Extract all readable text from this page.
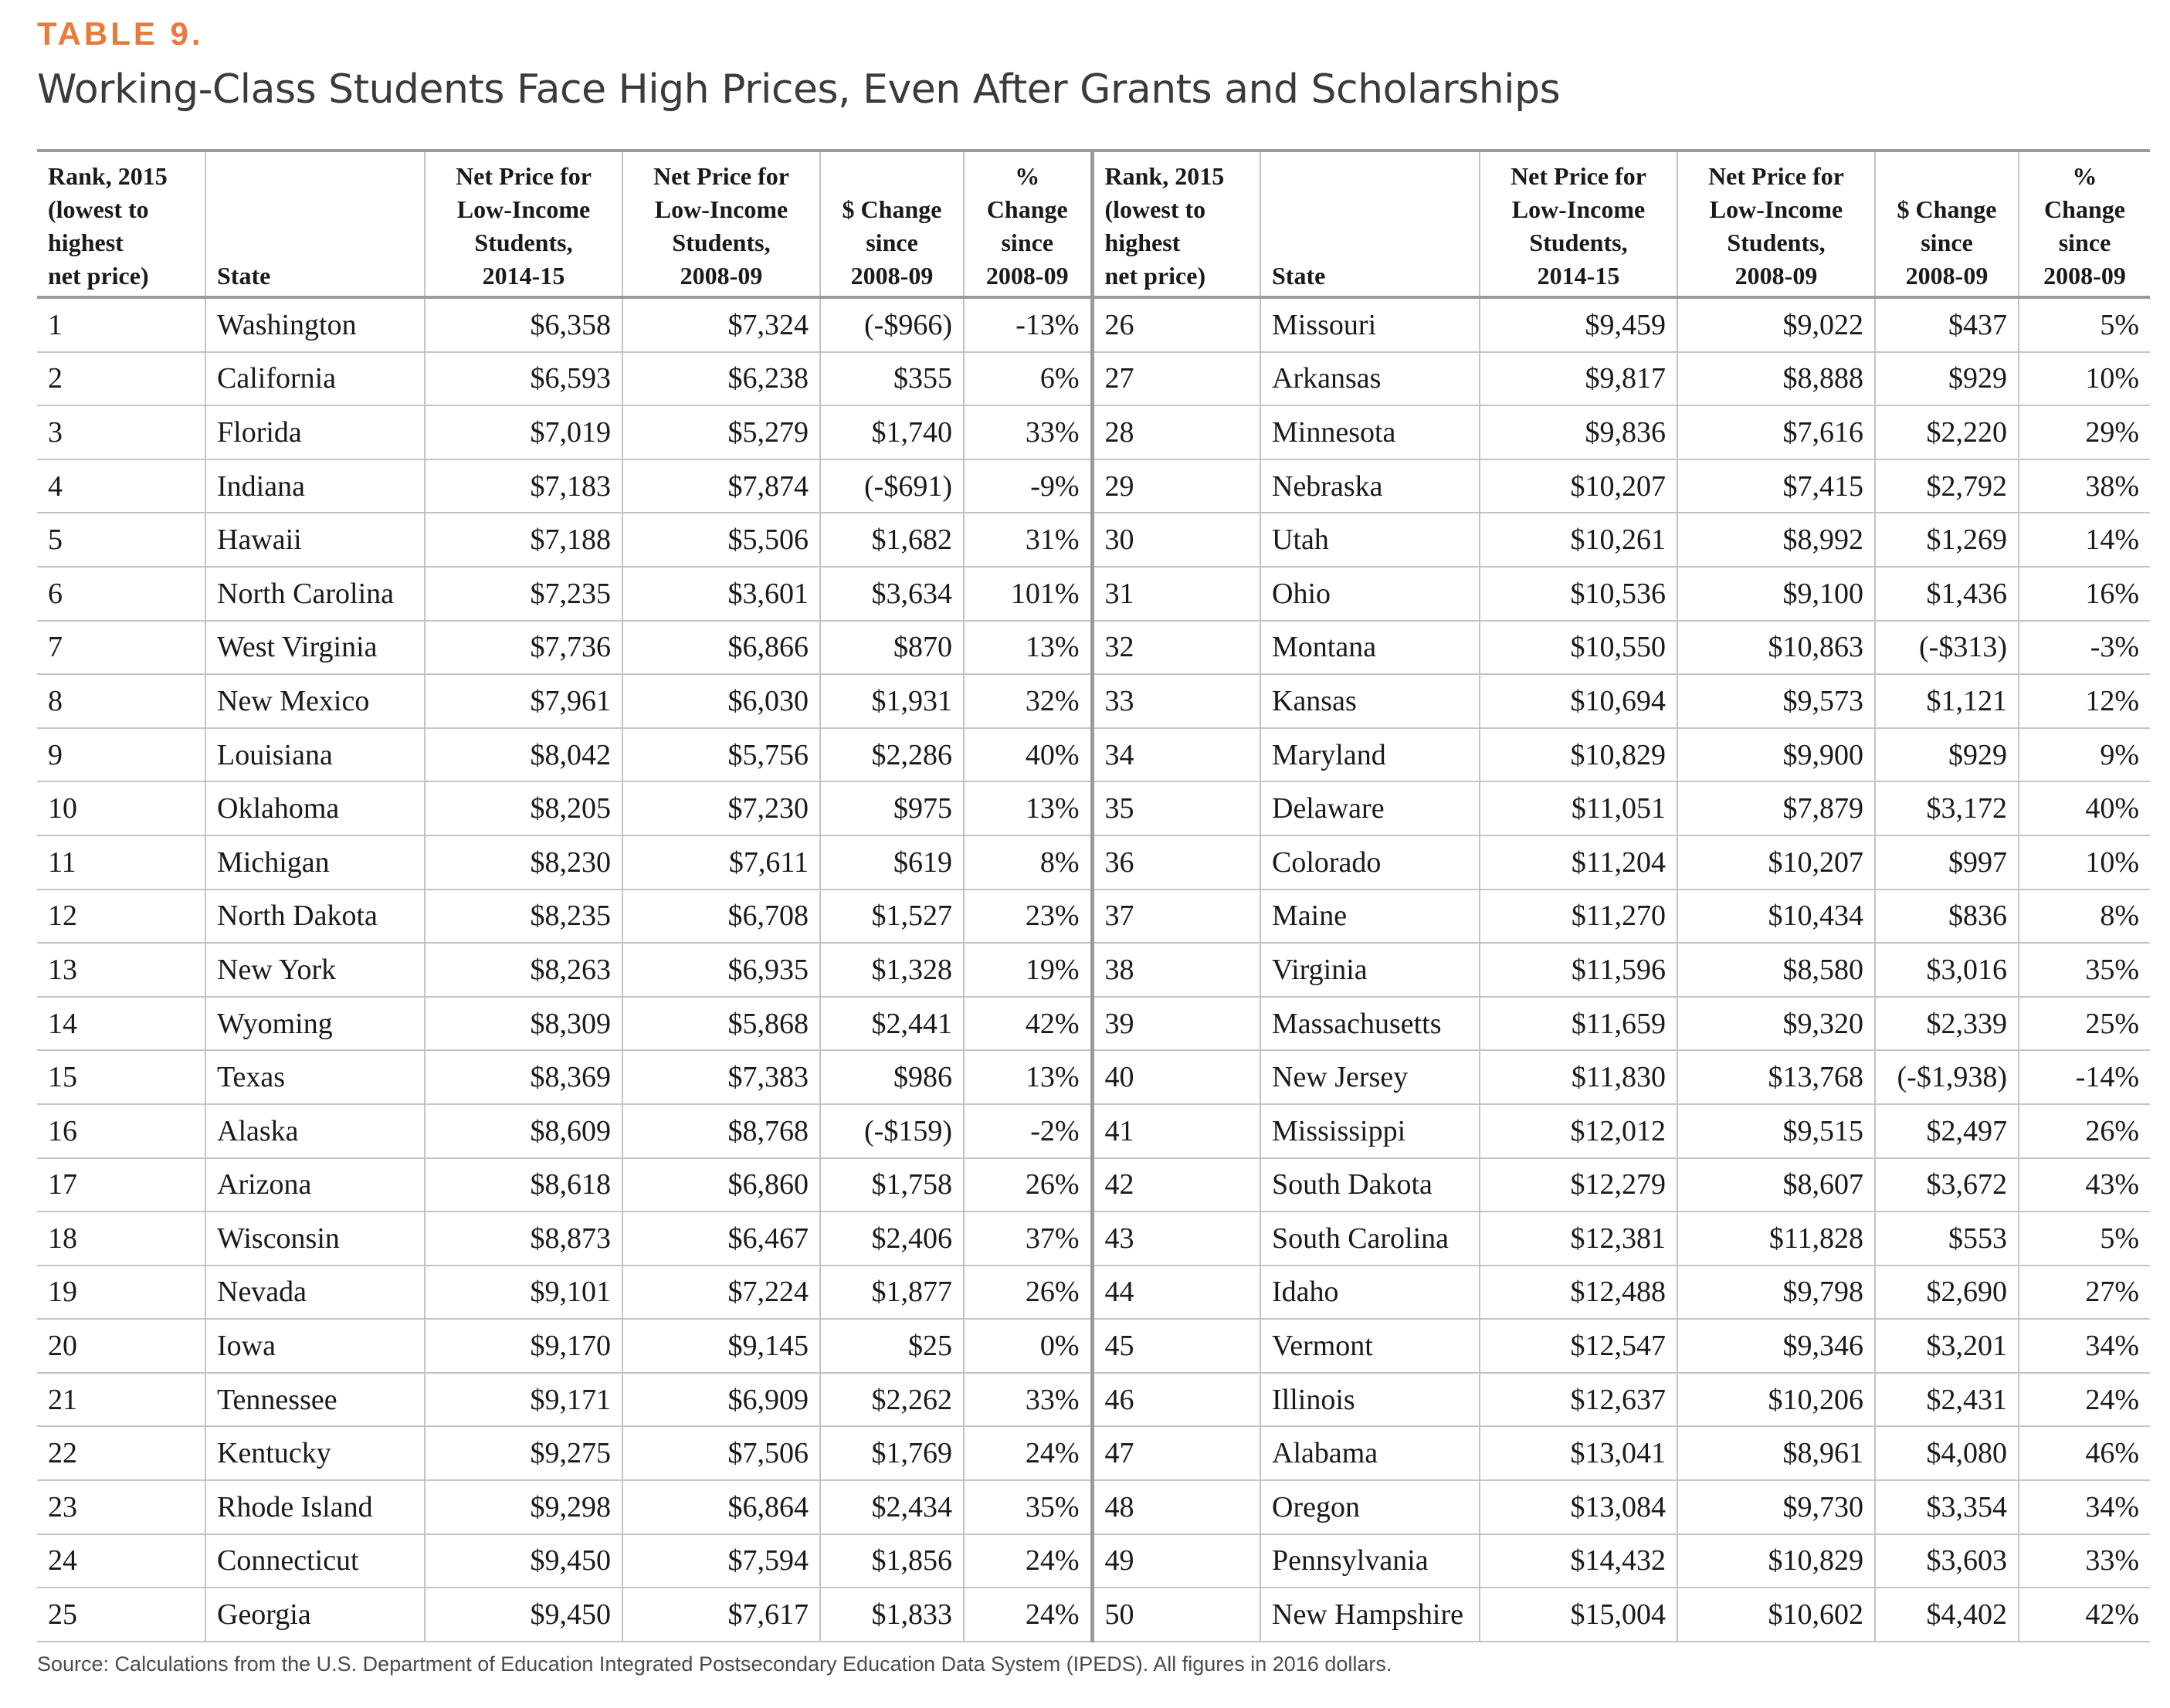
TABLE 9.
Working-Class Students Face High Prices, Even After Grants and Scholarships
Rank, 2015
(lowest to
highest
net price)	State	Net Price for
Low-Income
Students,
2014-15	Net Price for
Low-Income
Students,
2008-09	$ Change
since
2008-09	%
Change
since
2008-09	Rank, 2015
(lowest to
highest
net price)	State	Net Price for
Low-Income
Students,
2014-15	Net Price for
Low-Income
Students,
2008-09	$ Change
since
2008-09	%
Change
since
2008-09
1	Washington	$6,358	$7,324	(-$966)	-13%	26	Missouri	$9,459	$9,022	$437	5%
2	California	$6,593	$6,238	$355	6%	27	Arkansas	$9,817	$8,888	$929	10%
3	Florida	$7,019	$5,279	$1,740	33%	28	Minnesota	$9,836	$7,616	$2,220	29%
4	Indiana	$7,183	$7,874	(-$691)	-9%	29	Nebraska	$10,207	$7,415	$2,792	38%
5	Hawaii	$7,188	$5,506	$1,682	31%	30	Utah	$10,261	$8,992	$1,269	14%
6	North Carolina	$7,235	$3,601	$3,634	101%	31	Ohio	$10,536	$9,100	$1,436	16%
7	West Virginia	$7,736	$6,866	$870	13%	32	Montana	$10,550	$10,863	(-$313)	-3%
8	New Mexico	$7,961	$6,030	$1,931	32%	33	Kansas	$10,694	$9,573	$1,121	12%
9	Louisiana	$8,042	$5,756	$2,286	40%	34	Maryland	$10,829	$9,900	$929	9%
10	Oklahoma	$8,205	$7,230	$975	13%	35	Delaware	$11,051	$7,879	$3,172	40%
11	Michigan	$8,230	$7,611	$619	8%	36	Colorado	$11,204	$10,207	$997	10%
12	North Dakota	$8,235	$6,708	$1,527	23%	37	Maine	$11,270	$10,434	$836	8%
13	New York	$8,263	$6,935	$1,328	19%	38	Virginia	$11,596	$8,580	$3,016	35%
14	Wyoming	$8,309	$5,868	$2,441	42%	39	Massachusetts	$11,659	$9,320	$2,339	25%
15	Texas	$8,369	$7,383	$986	13%	40	New Jersey	$11,830	$13,768	(-$1,938)	-14%
16	Alaska	$8,609	$8,768	(-$159)	-2%	41	Mississippi	$12,012	$9,515	$2,497	26%
17	Arizona	$8,618	$6,860	$1,758	26%	42	South Dakota	$12,279	$8,607	$3,672	43%
18	Wisconsin	$8,873	$6,467	$2,406	37%	43	South Carolina	$12,381	$11,828	$553	5%
19	Nevada	$9,101	$7,224	$1,877	26%	44	Idaho	$12,488	$9,798	$2,690	27%
20	Iowa	$9,170	$9,145	$25	0%	45	Vermont	$12,547	$9,346	$3,201	34%
21	Tennessee	$9,171	$6,909	$2,262	33%	46	Illinois	$12,637	$10,206	$2,431	24%
22	Kentucky	$9,275	$7,506	$1,769	24%	47	Alabama	$13,041	$8,961	$4,080	46%
23	Rhode Island	$9,298	$6,864	$2,434	35%	48	Oregon	$13,084	$9,730	$3,354	34%
24	Connecticut	$9,450	$7,594	$1,856	24%	49	Pennsylvania	$14,432	$10,829	$3,603	33%
25	Georgia	$9,450	$7,617	$1,833	24%	50	New Hampshire	$15,004	$10,602	$4,402	42%
Source: Calculations from the U.S. Department of Education Integrated Postsecondary Education Data System (IPEDS). All figures in 2016 dollars.
